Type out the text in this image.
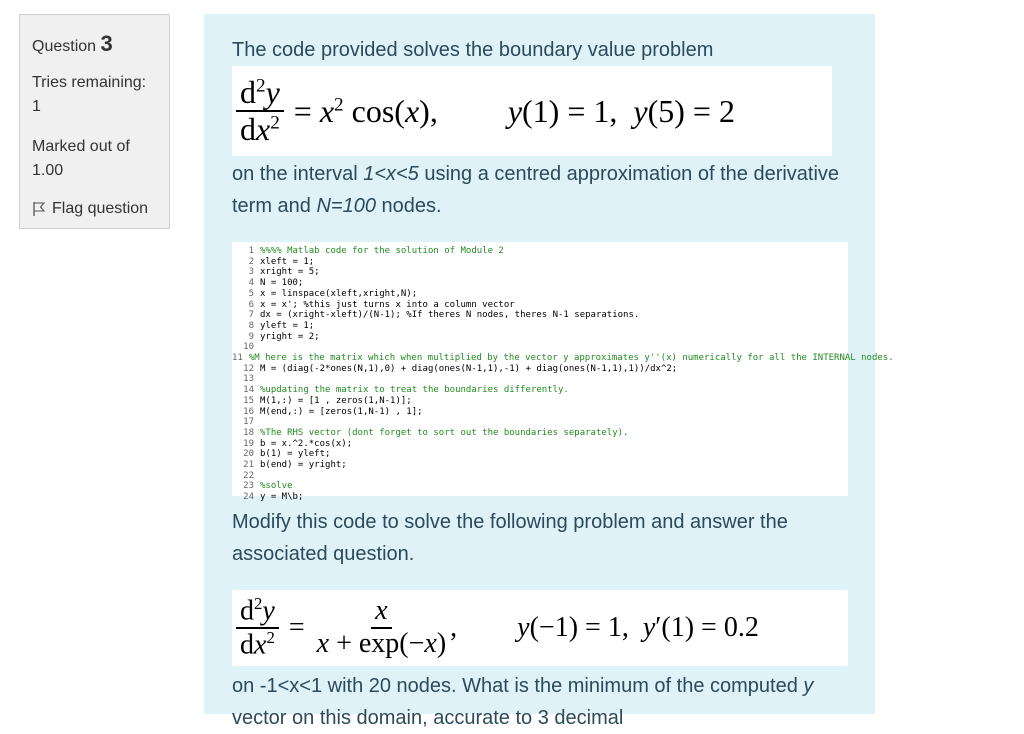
Question 3
Tries remaining:
1
Marked out of
1.00
Flag question

The code provided solves the boundary value problem

$\frac{d^2y}{dx^2} = x^2$ cos(x), y(1) = 1,  y(5) = 2

on the interval 1<x<5 using a centred approximation of the derivative term and N=100 nodes.

1 %%%% Matlab code for the solution of Module 2
2 xleft = 1;
3 xright = 5;
4 N = 100;
5 x = linspace(xleft,xright,N);
6 x = x'; %this just turns x into a column vector
7 dx = (xright-xleft)/(N-1); %If theres N nodes, theres N-1 separations.
8 yleft = 1;
9 yright = 2;
10
11 %M here is the matrix which when multiplied by the vector y approximates y''(x) numerically for all the INTERNAL nodes.
12 M = (diag(-2*ones(N,1),0) + diag(ones(N-1,1),-1) + diag(ones(N-1,1),1))/dx^2;
13
14 %updating the matrix to treat the boundaries differently.
15 M(1,:) = [1 , zeros(1,N-1)];
16 M(end,:) = [zeros(1,N-1) , 1];
17
18 %The RHS vector (dont forget to sort out the boundaries separately).
19 b = x.^2.*cos(x);
20 b(1) = yleft;
21 b(end) = yright;
22
23 %solve
24 y = M\b;

Modify this code to solve the following problem and answer the associated question.

$\frac{d^2y}{dx^2} = \frac{x}{x + \exp(-x)}$ , y(−1) = 1,  y′(1) = 0.2

on -1<x<1 with 20 nodes. What is the minimum of the computed y vector on this domain, accurate to 3 decimal
